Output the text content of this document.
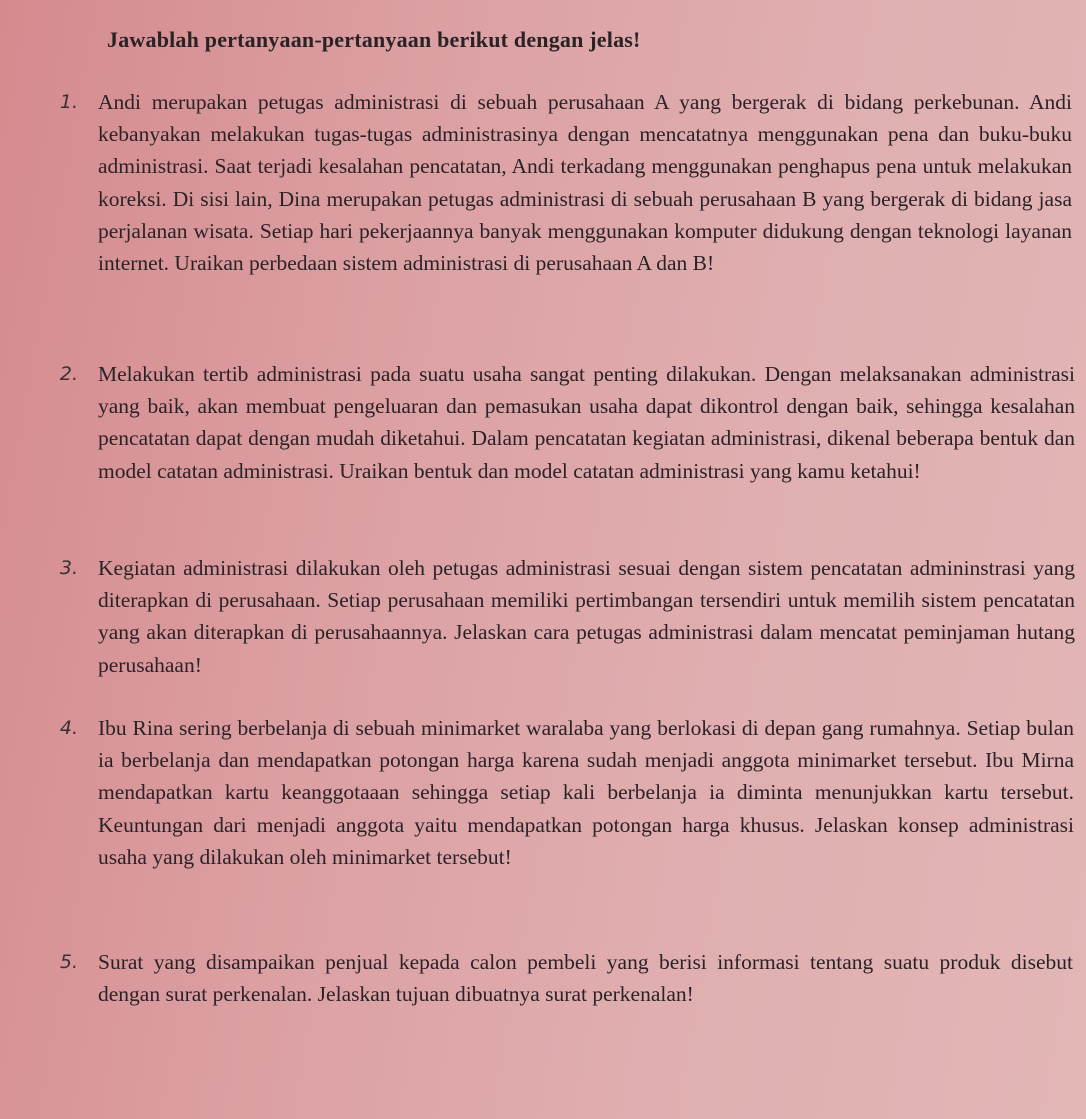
Jawablah pertanyaan-pertanyaan berikut dengan jelas!
1. Andi merupakan petugas administrasi di sebuah perusahaan A yang bergerak di bidang perkebunan. Andi kebanyakan melakukan tugas-tugas administrasinya dengan mencatatnya menggunakan pena dan buku-buku administrasi. Saat terjadi kesalahan pencatatan, Andi terkadang menggunakan penghapus pena untuk melakukan koreksi. Di sisi lain, Dina merupakan petugas administrasi di sebuah perusahaan B yang bergerak di bidang jasa perjalanan wisata. Setiap hari pekerjaannya banyak menggunakan komputer didukung dengan teknologi layanan internet. Uraikan perbedaan sistem administrasi di perusahaan A dan B!
2. Melakukan tertib administrasi pada suatu usaha sangat penting dilakukan. Dengan melaksanakan administrasi yang baik, akan membuat pengeluaran dan pemasukan usaha dapat dikontrol dengan baik, sehingga kesalahan pencatatan dapat dengan mudah diketahui. Dalam pencatatan kegiatan administrasi, dikenal beberapa bentuk dan model catatan administrasi. Uraikan bentuk dan model catatan administrasi yang kamu ketahui!
3. Kegiatan administrasi dilakukan oleh petugas administrasi sesuai dengan sistem pencatatan admininstrasi yang diterapkan di perusahaan. Setiap perusahaan memiliki pertimbangan tersendiri untuk memilih sistem pencatatan yang akan diterapkan di perusahaannya. Jelaskan cara petugas administrasi dalam mencatat peminjaman hutang perusahaan!
4. Ibu Rina sering berbelanja di sebuah minimarket waralaba yang berlokasi di depan gang rumahnya. Setiap bulan ia berbelanja dan mendapatkan potongan harga karena sudah menjadi anggota minimarket tersebut. Ibu Mirna mendapatkan kartu keanggotaaan sehingga setiap kali berbelanja ia diminta menunjukkan kartu tersebut. Keuntungan dari menjadi anggota yaitu mendapatkan potongan harga khusus. Jelaskan konsep administrasi usaha yang dilakukan oleh minimarket tersebut!
5. Surat yang disampaikan penjual kepada calon pembeli yang berisi informasi tentang suatu produk disebut dengan surat perkenalan. Jelaskan tujuan dibuatnya surat perkenalan!
